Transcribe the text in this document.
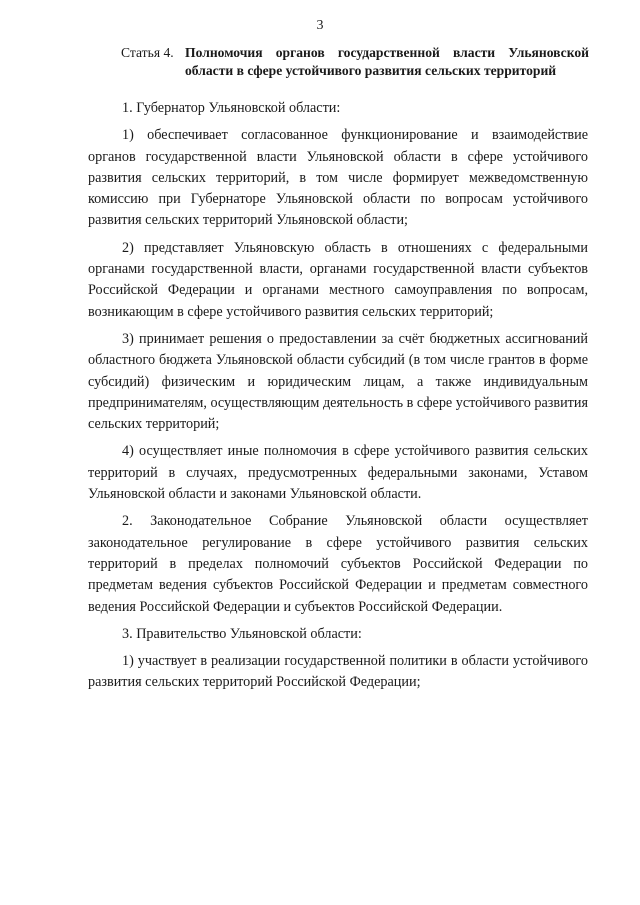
3
Статья 4. Полномочия органов государственной власти Ульяновской области в сфере устойчивого развития сельских территорий

1. Губернатор Ульяновской области:

1) обеспечивает согласованное функционирование и взаимодействие органов государственной власти Ульяновской области в сфере устойчивого развития сельских территорий, в том числе формирует межведомственную комиссию при Губернаторе Ульяновской области по вопросам устойчивого развития сельских территорий Ульяновской области;

2) представляет Ульяновскую область в отношениях с федеральными органами государственной власти, органами государственной власти субъектов Российской Федерации и органами местного самоуправления по вопросам, возникающим в сфере устойчивого развития сельских территорий;

3) принимает решения о предоставлении за счёт бюджетных ассигнований областного бюджета Ульяновской области субсидий (в том числе грантов в форме субсидий) физическим и юридическим лицам, а также индивидуальным предпринимателям, осуществляющим деятельность в сфере устойчивого развития сельских территорий;

4) осуществляет иные полномочия в сфере устойчивого развития сельских территорий в случаях, предусмотренных федеральными законами, Уставом Ульяновской области и законами Ульяновской области.

2. Законодательное Собрание Ульяновской области осуществляет законодательное регулирование в сфере устойчивого развития сельских территорий в пределах полномочий субъектов Российской Федерации по предметам ведения субъектов Российской Федерации и предметам совместного ведения Российской Федерации и субъектов Российской Федерации.

3. Правительство Ульяновской области:

1) участвует в реализации государственной политики в области устойчивого развития сельских территорий Российской Федерации;
